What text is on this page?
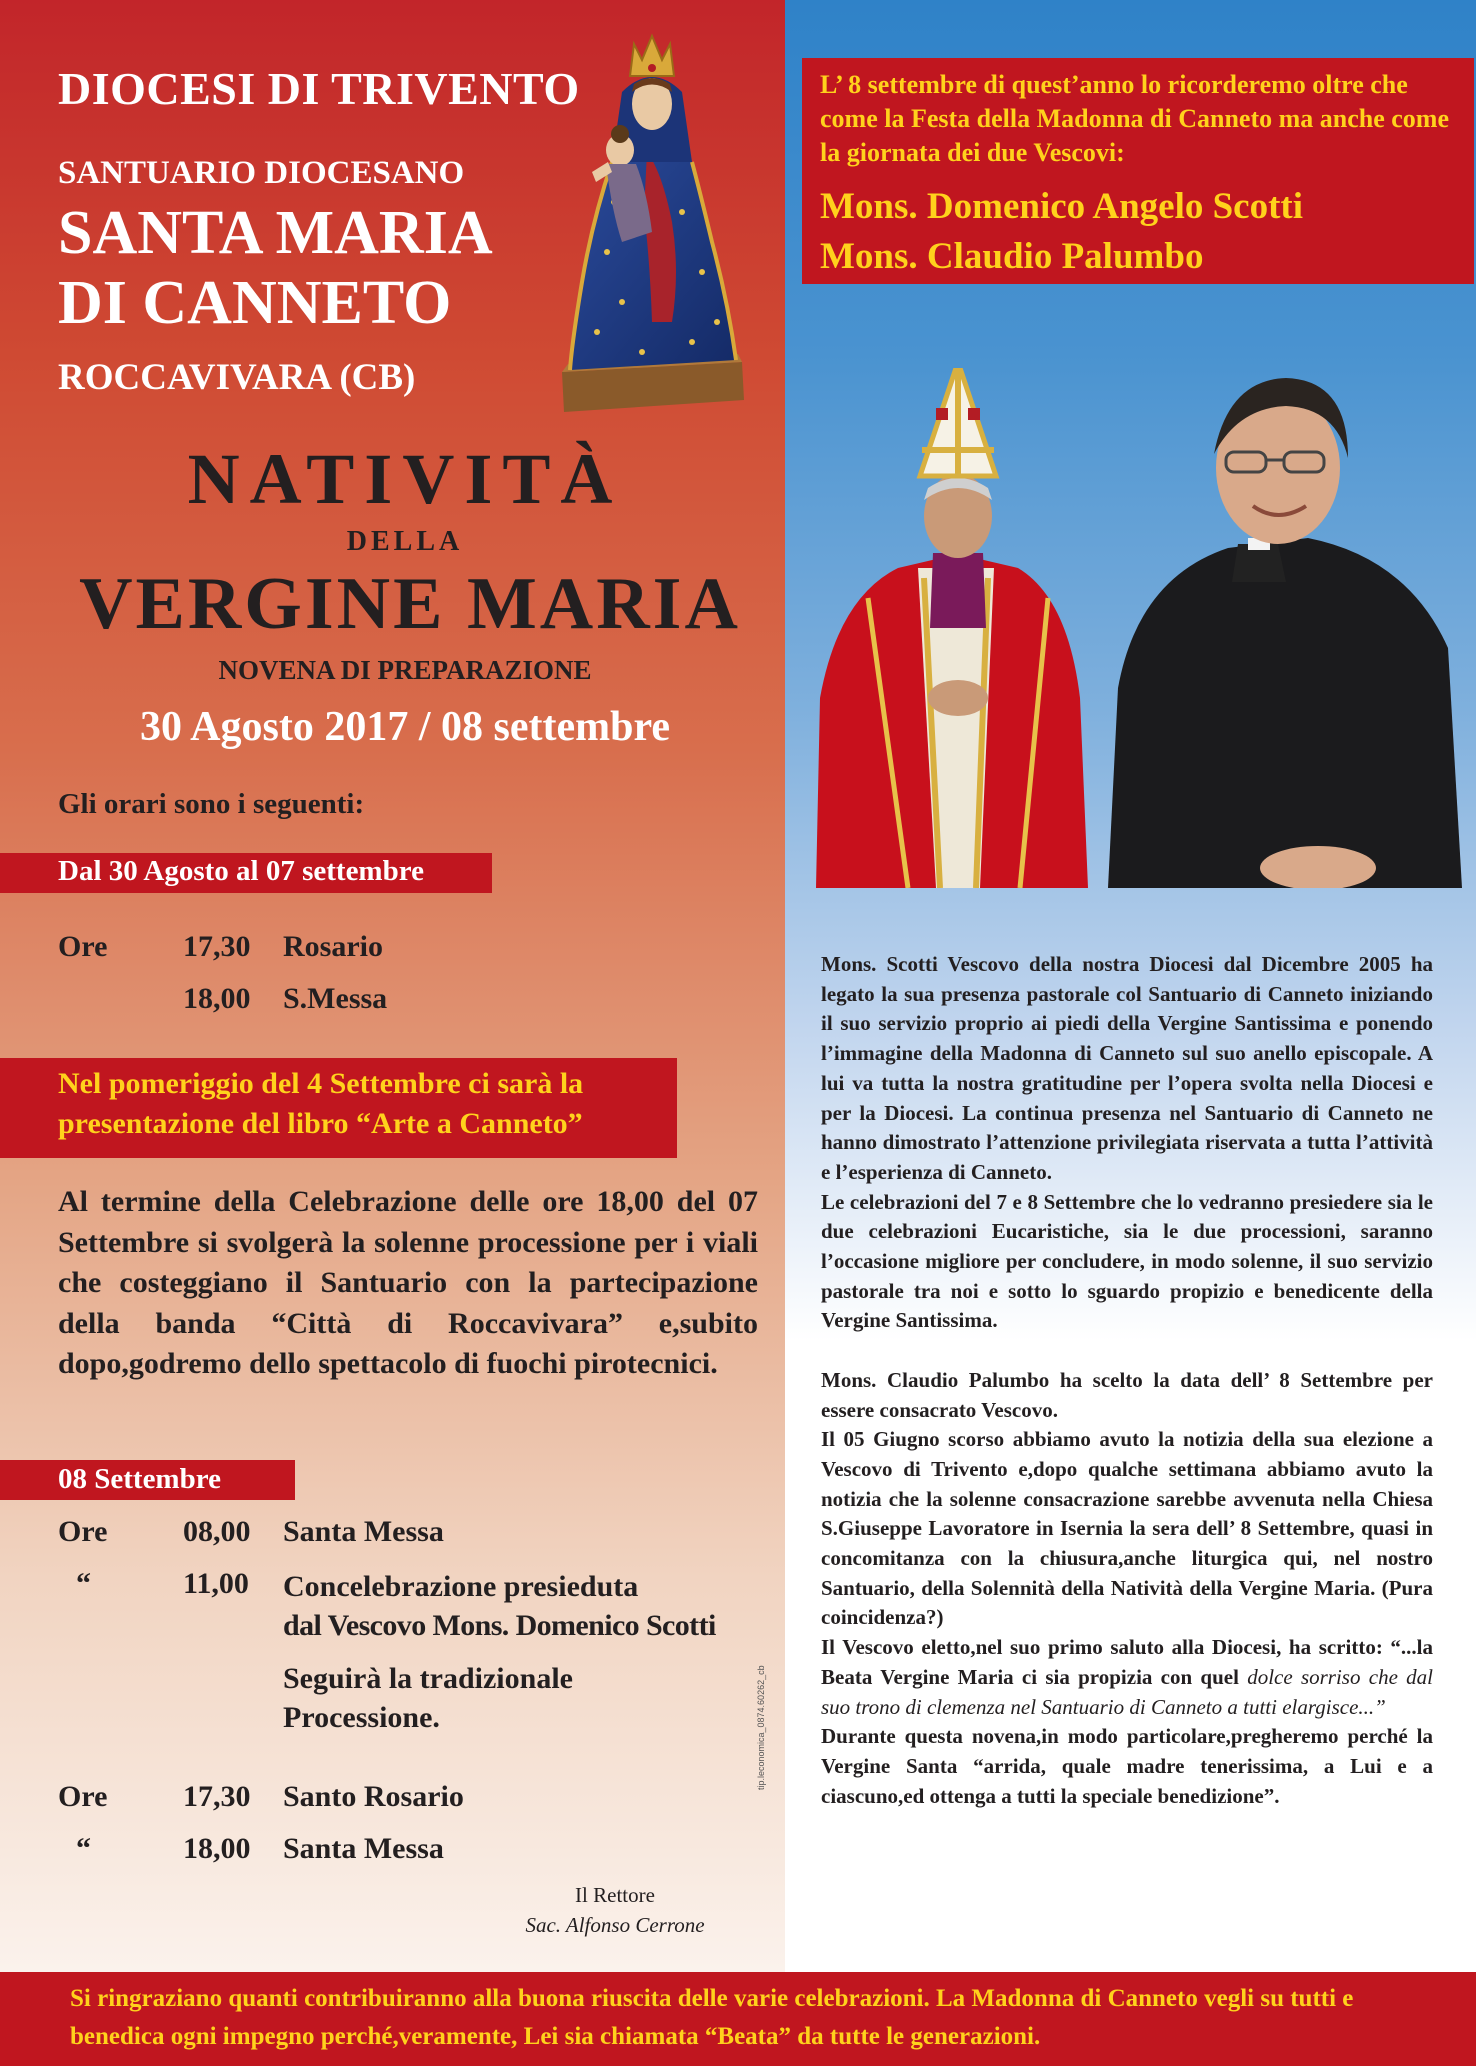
DIOCESI DI TRIVENTO
SANTUARIO DIOCESANO
SANTA MARIA
DI CANNETO
ROCCAVIVARA (CB)
NATIVITÀ
DELLA
VERGINE MARIA
NOVENA DI PREPARAZIONE
30 Agosto 2017 / 08 settembre
Gli orari sono i seguenti:
Dal 30 Agosto al 07 settembre
Ore	17,30 Rosario
18,00 S.Messa
Nel pomeriggio del 4 Settembre ci sarà la
presentazione del libro “Arte a Canneto”
Al termine della Celebrazione delle ore 18,00 del 07 Settembre si svolgerà la solenne processione per i viali che costeggiano il Santuario con la partecipazione della banda “Città di Roccavivara” e,subito dopo,godremo dello spettacolo di fuochi pirotecnici.
08 Settembre
Ore	08,00 Santa Messa
“	11,00 Concelebrazione presieduta
dal Vescovo Mons. Domenico Scotti
Seguirà la tradizionale
Processione.
Ore	17,30 Santo Rosario
“	18,00 Santa Messa
Il Rettore
Sac. Alfonso Cerrone
tip.leconomica_0874.60262_cb
L’ 8 settembre di quest’anno lo ricorderemo oltre che come la Festa della Madonna di Canneto ma anche come la giornata dei due Vescovi:
Mons. Domenico Angelo Scotti
Mons. Claudio Palumbo

Mons. Scotti Vescovo della nostra Diocesi dal Dicembre 2005 ha legato la sua presenza pastorale col Santuario di Canneto iniziando il suo servizio proprio ai piedi della Vergine Santissima e ponendo l’immagine della Madonna di Canneto sul suo anello episcopale. A lui va tutta la nostra gratitudine per l’opera svolta nella Diocesi e per la Diocesi. La continua presenza nel Santuario di Canneto ne hanno dimostrato l’attenzione privilegiata riservata a tutta l’attività e l’esperienza di Canneto.

Le celebrazioni del 7 e 8 Settembre che lo vedranno presiedere sia le due celebrazioni Eucaristiche, sia le due processioni, saranno l’occasione migliore per concludere, in modo solenne, il suo servizio pastorale tra noi e sotto lo sguardo propizio e benedicente della Vergine Santissima.

Mons. Claudio Palumbo ha scelto la data dell’ 8 Settembre per essere consacrato Vescovo.

Il 05 Giugno scorso abbiamo avuto la notizia della sua elezione a Vescovo di Trivento e,dopo qualche settimana abbiamo avuto la notizia che la solenne consacrazione sarebbe avvenuta nella Chiesa S.Giuseppe Lavoratore in Isernia la sera dell’ 8 Settembre, quasi in concomitanza con la chiusura,anche liturgica qui, nel nostro Santuario, della Solennità della Natività della Vergine Maria. (Pura coincidenza?)

Il Vescovo eletto,nel suo primo saluto alla Diocesi, ha scritto: “...la Beata Vergine Maria ci sia propizia con quel dolce sorriso che dal suo trono di clemenza nel Santuario di Canneto a tutti elargisce...”

Durante questa novena,in modo particolare,pregheremo perché la Vergine Santa “arrida, quale madre tenerissima, a Lui e a ciascuno,ed ottenga a tutti la speciale benedizione”.

Si ringraziano quanti contribuiranno alla buona riuscita delle varie celebrazioni. La Madonna di Canneto vegli su tutti e benedica ogni impegno perché,veramente, Lei sia chiamata “Beata” da tutte le generazioni.
